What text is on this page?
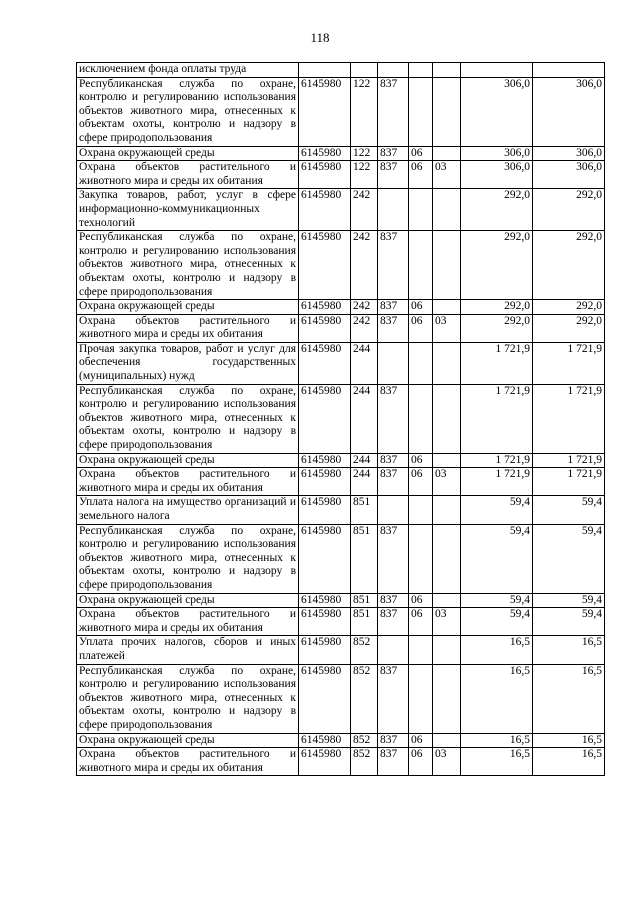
118
исключением фонда оплаты труда							
Республиканская служба по охране, контролю и регулированию использования объектов животного мира, отнесенных к объектам охоты, контролю и надзору в сфере природопользования	6145980	122	837			306,0	306,0
Охрана окружающей среды	6145980	122	837	06		306,0	306,0
Охрана объектов растительного и животного мира и среды их обитания	6145980	122	837	06	03	306,0	306,0
Закупка товаров, работ, услуг в сфере информационно-коммуникационных технологий	6145980	242				292,0	292,0
Республиканская служба по охране, контролю и регулированию использования объектов животного мира, отнесенных к объектам охоты, контролю и надзору в сфере природопользования	6145980	242	837			292,0	292,0
Охрана окружающей среды	6145980	242	837	06		292,0	292,0
Охрана объектов растительного и животного мира и среды их обитания	6145980	242	837	06	03	292,0	292,0
Прочая закупка товаров, работ и услуг для обеспечения государственных (муниципальных) нужд	6145980	244				1 721,9	1 721,9
Республиканская служба по охране, контролю и регулированию использования объектов животного мира, отнесенных к объектам охоты, контролю и надзору в сфере природопользования	6145980	244	837			1 721,9	1 721,9
Охрана окружающей среды	6145980	244	837	06		1 721,9	1 721,9
Охрана объектов растительного и животного мира и среды их обитания	6145980	244	837	06	03	1 721,9	1 721,9
Уплата налога на имущество организаций и земельного налога	6145980	851				59,4	59,4
Республиканская служба по охране, контролю и регулированию использования объектов животного мира, отнесенных к объектам охоты, контролю и надзору в сфере природопользования	6145980	851	837			59,4	59,4
Охрана окружающей среды	6145980	851	837	06		59,4	59,4
Охрана объектов растительного и животного мира и среды их обитания	6145980	851	837	06	03	59,4	59,4
Уплата прочих налогов, сборов и иных платежей	6145980	852				16,5	16,5
Республиканская служба по охране, контролю и регулированию использования объектов животного мира, отнесенных к объектам охоты, контролю и надзору в сфере природопользования	6145980	852	837			16,5	16,5
Охрана окружающей среды	6145980	852	837	06		16,5	16,5
Охрана объектов растительного и животного мира и среды их обитания	6145980	852	837	06	03	16,5	16,5
